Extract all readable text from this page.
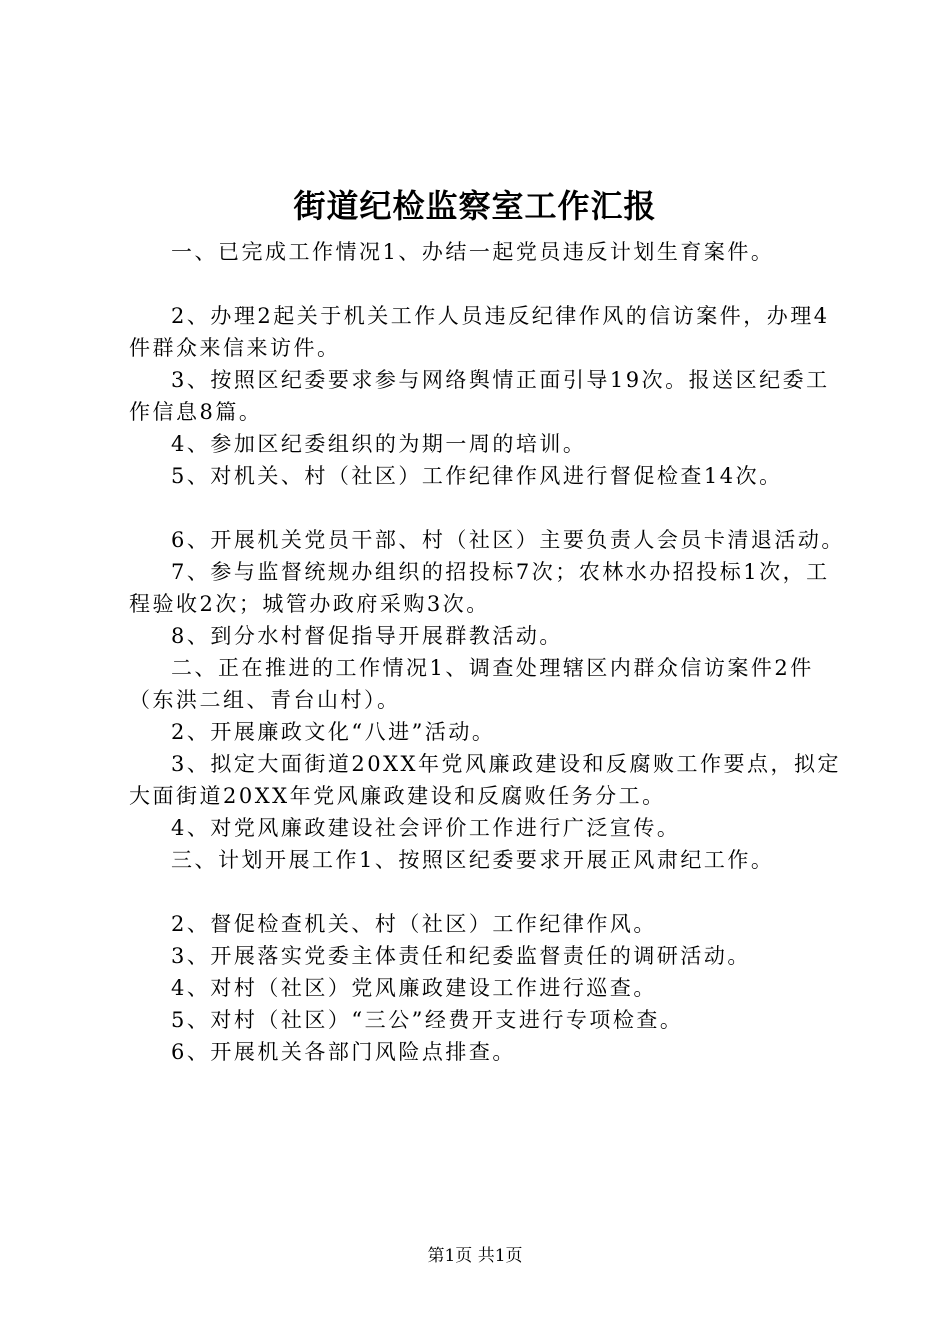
街道纪检监察室工作汇报

一、已完成工作情况1、办结一起党员违反计划生育案件。

2、办理2起关于机关工作人员违反纪律作风的信访案件，办理4件群众来信来访件。

3、按照区纪委要求参与网络舆情正面引导19次。报送区纪委工作信息8篇。

4、参加区纪委组织的为期一周的培训。

5、对机关、村（社区）工作纪律作风进行督促检查14次。

6、开展机关党员干部、村（社区）主要负责人会员卡清退活动。

7、参与监督统规办组织的招投标7次；农林水办招投标1次，工程验收2次；城管办政府采购3次。

8、到分水村督促指导开展群教活动。

二、正在推进的工作情况1、调查处理辖区内群众信访案件2件（东洪二组、青台山村）。

2、开展廉政文化“八进”活动。

3、拟定大面街道20XX年党风廉政建设和反腐败工作要点，拟定大面街道20XX年党风廉政建设和反腐败任务分工。

4、对党风廉政建设社会评价工作进行广泛宣传。

三、计划开展工作1、按照区纪委要求开展正风肃纪工作。

2、督促检查机关、村（社区）工作纪律作风。

3、开展落实党委主体责任和纪委监督责任的调研活动。

4、对村（社区）党风廉政建设工作进行巡查。

5、对村（社区）“三公”经费开支进行专项检查。

6、开展机关各部门风险点排查。

第1页 共1页
